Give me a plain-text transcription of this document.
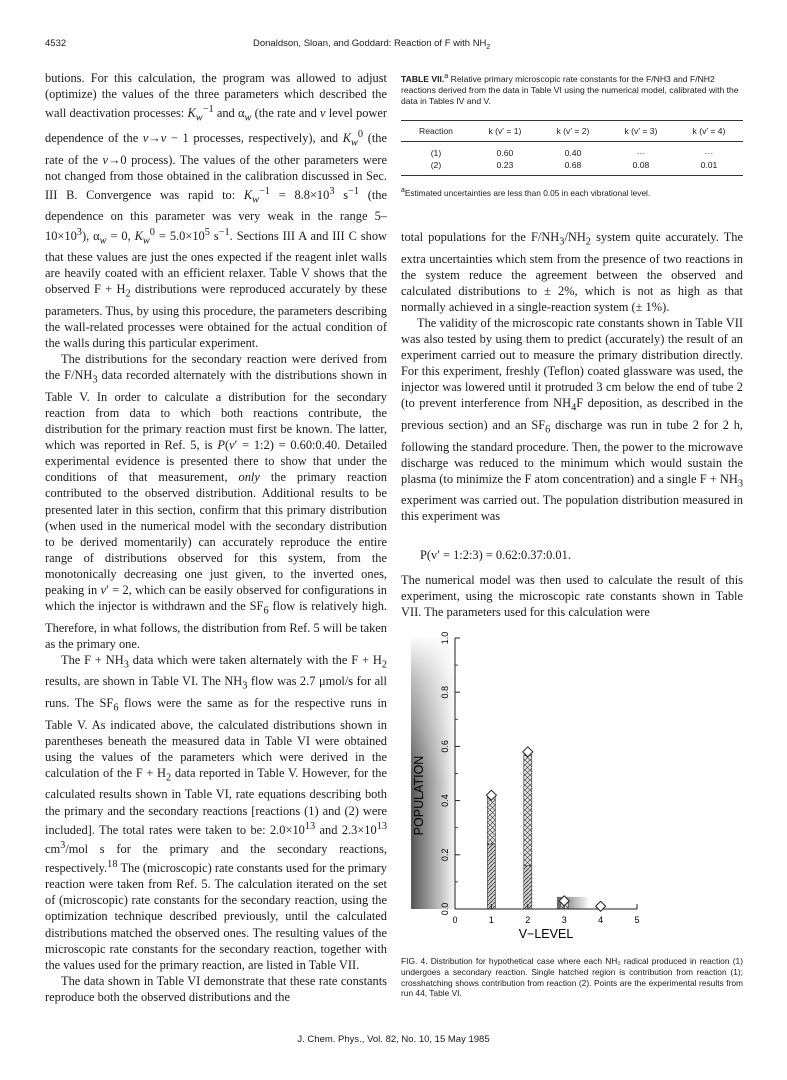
4532	Donaldson, Sloan, and Goddard: Reaction of F with $NH_2$

butions. For this calculation, the program was allowed to adjust (optimize) the values of the three parameters which described the wall deactivation processes: $K_w^{-1}$ and $\alpha_w$ (the rate and v level power dependence of the v→v − 1 processes, respectively), and $K_w^0$ (the rate of the v→0 process). The values of the other parameters were not changed from those obtained in the calibration discussed in Sec. III B. Convergence was rapid to: $K_w^{-1} = 8.8\times 10^3$ $s^{-1}$ (the dependence on this parameter was very weak in the range $5-10\times 10^3$), $\alpha_w = 0$, $K_w^0 = 5.0\times 10^5$ $s^{-1}$. Sections III A and III C show that these values are just the ones expected if the reagent inlet walls are heavily coated with an efficient relaxer. Table V shows that the observed $F + H_2$ distributions were reproduced accurately by these parameters. Thus, by using this procedure, the parameters describing the wall-related processes were obtained for the actual condition of the walls during this particular experiment.

The distributions for the secondary reaction were derived from the $F/NH_3$ data recorded alternately with the distributions shown in Table V. In order to calculate a distribution for the secondary reaction from data to which both reactions contribute, the distribution for the primary reaction must first be known. The latter, which was reported in Ref. 5, is P(v′ = 1:2) = 0.60:0.40. Detailed experimental evidence is presented there to show that under the conditions of that measurement, only the primary reaction contributed to the observed distribution. Additional results to be presented later in this section, confirm that this primary distribution (when used in the numerical model with the secondary distribution to be derived momentarily) can accurately reproduce the entire range of distributions observed for this system, from the monotonically decreasing one just given, to the inverted ones, peaking in v′ = 2, which can be easily observed for configurations in which the injector is withdrawn and the $SF_6$ flow is relatively high. Therefore, in what follows, the distribution from Ref. 5 will be taken as the primary one.

The $F + NH_3$ data which were taken alternately with the $F + H_2$ results, are shown in Table VI. The $NH_3$ flow was 2.7 μmol/s for all runs. The $SF_6$ flows were the same as for the respective runs in Table V. As indicated above, the calculated distributions shown in parentheses beneath the measured data in Table VI were obtained using the values of the parameters which were derived in the calculation of the $F + H_2$ data reported in Table V. However, for the calculated results shown in Table VI, rate equations describing both the primary and the secondary reactions [reactions (1) and (2) were included]. The total rates were taken to be: $2.0\times 10^{13}$ and $2.3\times 10^{13}$ $cm^3$/mol s for the primary and the secondary reactions, respectively.$^{18}$ The (microscopic) rate constants used for the primary reaction were taken from Ref. 5. The calculation iterated on the set of (microscopic) rate constants for the secondary reaction, using the optimization technique described previously, until the calculated distributions matched the observed ones. The resulting values of the microscopic rate constants for the secondary reaction, together with the values used for the primary reaction, are listed in Table VII.

The data shown in Table VI demonstrate that these rate constants reproduce both the observed distributions and the

TABLE VII.$^a$ Relative primary microscopic rate constants for the F/NH3 and F/NH2 reactions derived from the data in Table VI using the numerical model, calibrated with the data in Tables IV and V.
Reaction	k (v′ = 1)	k (v′ = 2)	k (v′ = 3)	k (v′ = 4)
(1)	0.60	0.40	···	···
(2)	0.23	0.68	0.08	0.01
$^a$Estimated uncertainties are less than 0.05 in each vibrational level.

total populations for the $F/NH_3/NH_2$ system quite accurately. The extra uncertainties which stem from the presence of two reactions in the system reduce the agreement between the observed and calculated distributions to ± 2%, which is not as high as that normally achieved in a single-reaction system (± 1%).

The validity of the microscopic rate constants shown in Table VII was also tested by using them to predict (accurately) the result of an experiment carried out to measure the primary distribution directly. For this experiment, freshly (Teflon) coated glassware was used, the injector was lowered until it protruded 3 cm below the end of tube 2 (to prevent interference from $NH_4F$ deposition, as described in the previous section) and an $SF_6$ discharge was run in tube 2 for 2 h, following the standard procedure. Then, the power to the microwave discharge was reduced to the minimum which would sustain the plasma (to minimize the F atom concentration) and a single $F + NH_3$ experiment was carried out. The population distribution measured in this experiment was

P(v′ = 1:2:3) = 0.62:0.37:0.01.

The numerical model was then used to calculate the result of this experiment, using the microscopic rate constants shown in Table VII. The parameters used for this calculation were

0.0
0.2
0.4
0.6
0.8
1.0
0	1	2	3	4	5
V−LEVEL
POPULATION
FIG. 4. Distribution for hypothetical case where each NH₂ radical produced in reaction (1) undergoes a secondary reaction. Single hatched region is contribution from reaction (1); crosshatching shows contribution from reaction (2). Points are the experimental results from run 44, Table VI.
J. Chem. Phys., Vol. 82, No. 10, 15 May 1985
